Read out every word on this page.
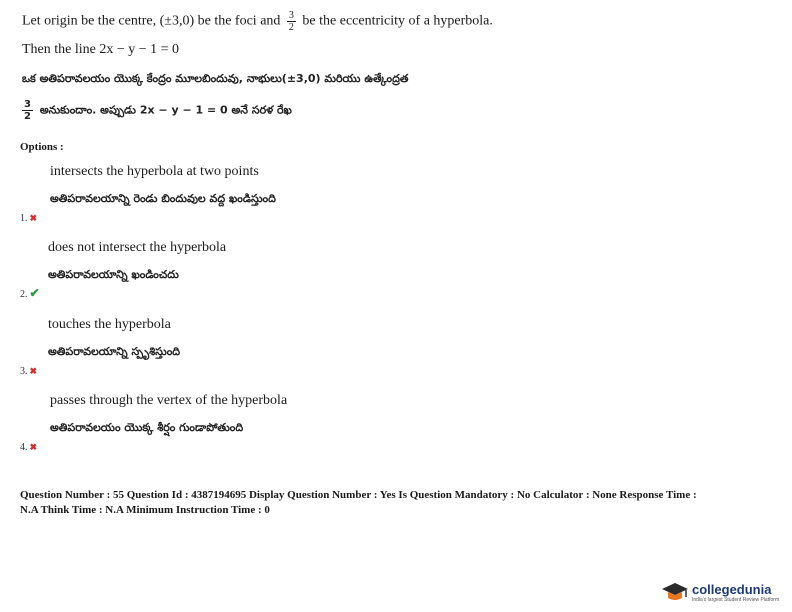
Let origin be the centre, (±3,0) be the foci and $\frac{3}{2}$ be the eccentricity of a hyperbola.
Then the line 2x − y − 1 = 0
ఒక అతిపరావలయం యొక్క కేంద్రం మూలబిందువు, నాభులు(±3,0) మరియు ఉత్కేంద్రత
$\frac{3}{2}$ అనుకుందాం. అప్పుడు 2x − y − 1 = 0 అనే సరళ రేఖ
Options :
intersects the hyperbola at two points
అతిపరావలయాన్ని రెండు బిందువుల వద్ద ఖండిస్తుంది
1. ✖
does not intersect the hyperbola
అతిపరావలయాన్ని ఖండించదు
2. ✔
touches the hyperbola
అతిపరావలయాన్ని స్పృశిస్తుంది
3. ✖
passes through the vertex of the hyperbola
అతిపరావలయం యొక్క శీర్షం గుండాపోతుంది
4. ✖
Question Number : 55 Question Id : 4387194695 Display Question Number : Yes Is Question Mandatory : No Calculator : None Response Time :
N.A Think Time : N.A Minimum Instruction Time : 0
collegedunia
India's largest Student Review Platform
